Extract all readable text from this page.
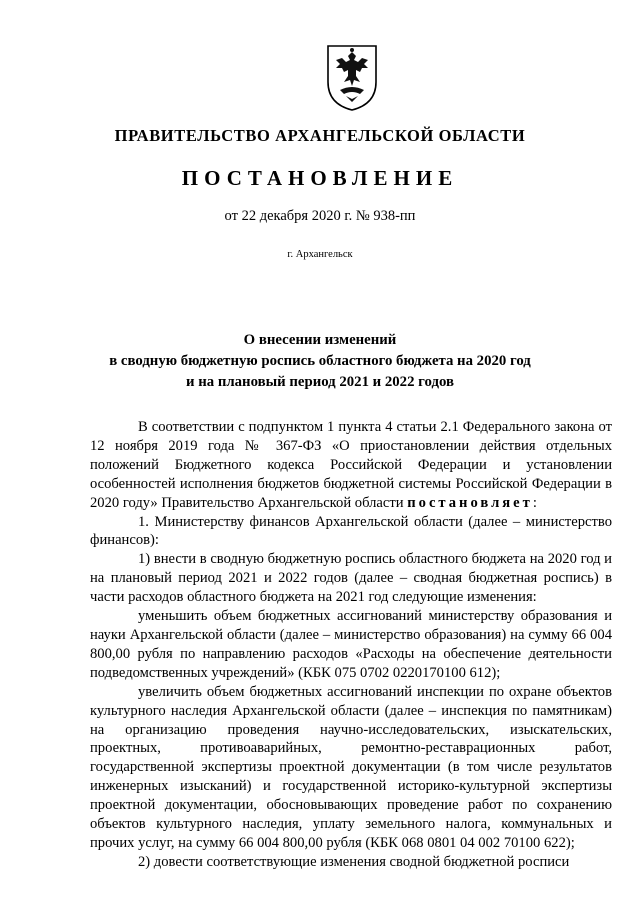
ПРАВИТЕЛЬСТВО АРХАНГЕЛЬСКОЙ ОБЛАСТИ
ПОСТАНОВЛЕНИЕ
от 22 декабря 2020 г. № 938-пп
г. Архангельск
О внесении изменений
в сводную бюджетную роспись областного бюджета на 2020 год
и на плановый период 2021 и 2022 годов

В соответствии с подпунктом 1 пункта 4 статьи 2.1 Федерального закона от 12 ноября 2019 года № 367-ФЗ «О приостановлении действия отдельных положений Бюджетного кодекса Российской Федерации и установлении особенностей исполнения бюджетов бюджетной системы Российской Федерации в 2020 году» Правительство Архангельской области постановляет:

1. Министерству финансов Архангельской области (далее – министерство финансов):

1) внести в сводную бюджетную роспись областного бюджета на 2020 год и на плановый период 2021 и 2022 годов (далее – сводная бюджетная роспись) в части расходов областного бюджета на 2021 год следующие изменения:

уменьшить объем бюджетных ассигнований министерству образования и науки Архангельской области (далее – министерство образования) на сумму 66 004 800,00 рубля по направлению расходов «Расходы на обеспечение деятельности подведомственных учреждений» (КБК 075 0702 0220170100 612);

увеличить объем бюджетных ассигнований инспекции по охране объектов культурного наследия Архангельской области (далее – инспекция по памятникам) на организацию проведения научно-исследовательских, изыскательских, проектных, противоаварийных, ремонтно-реставрационных работ, государственной экспертизы проектной документации (в том числе результатов инженерных изысканий) и государственной историко-культурной экспертизы проектной документации, обосновывающих проведение работ по сохранению объектов культурного наследия, уплату земельного налога, коммунальных и прочих услуг, на сумму 66 004 800,00 рубля (КБК 068 0801 04 002 70100 622);

2) довести соответствующие изменения сводной бюджетной росписи
